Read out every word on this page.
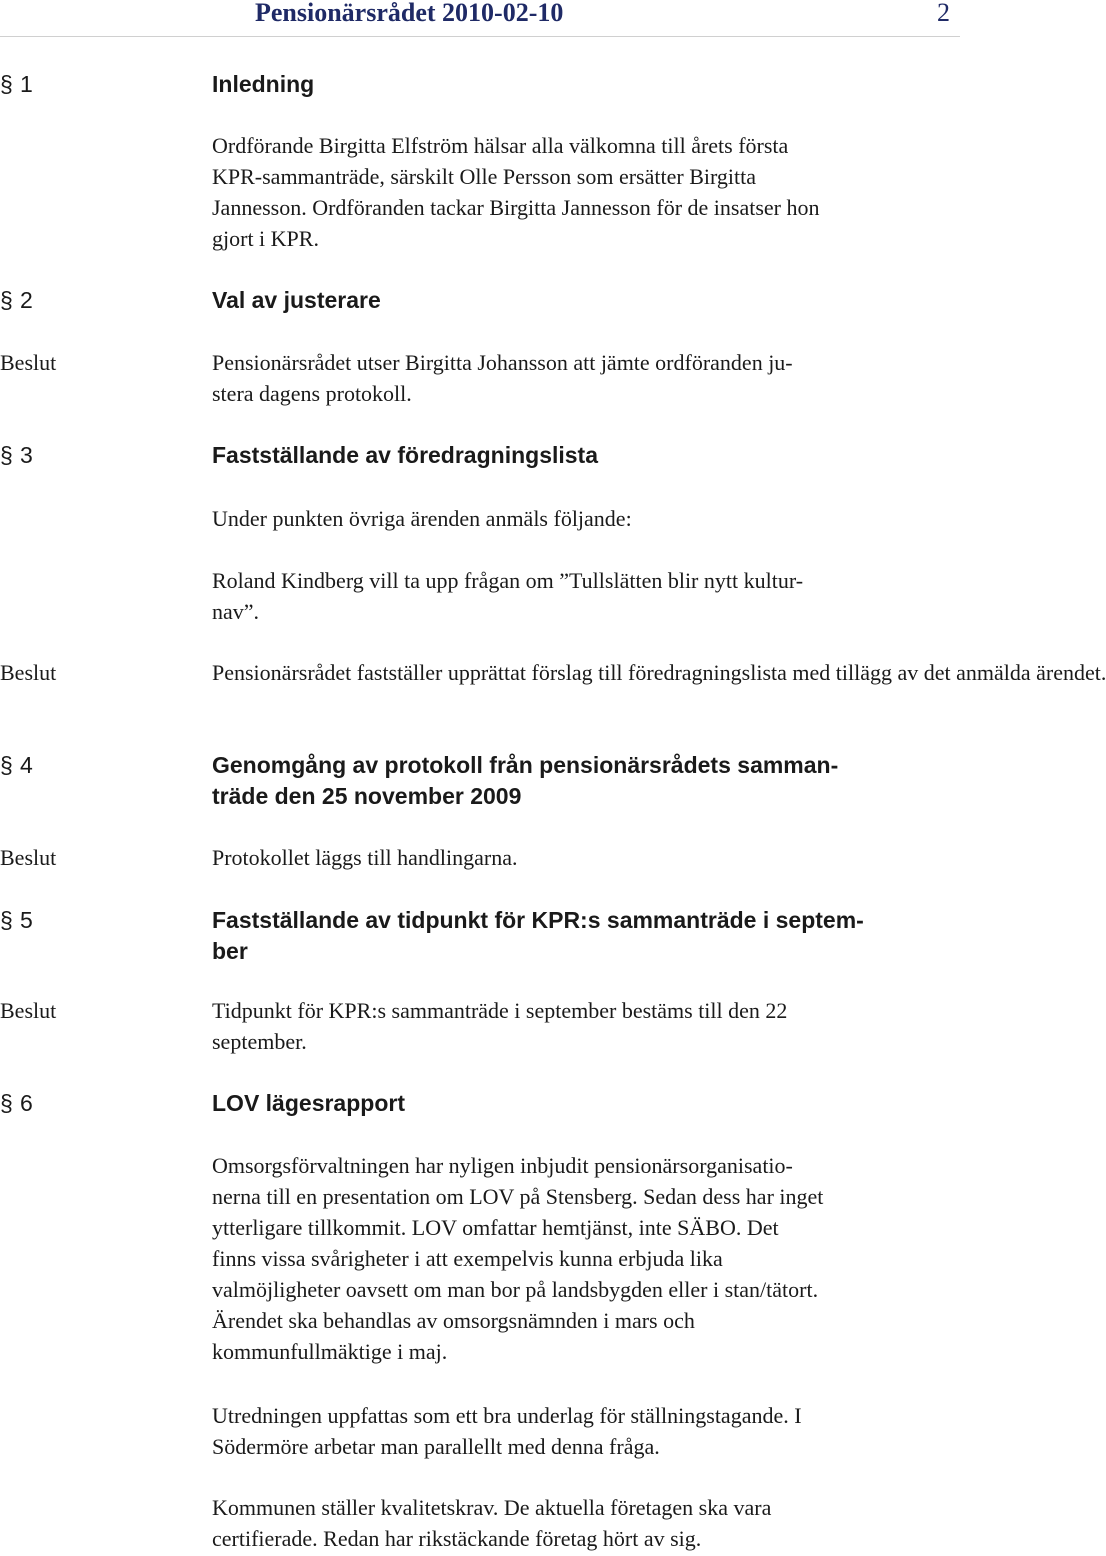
Pensionärsrådet 2010-02-10	2
§ 1	Inledning
Ordförande Birgitta Elfström hälsar alla välkomna till årets första
KPR-sammanträde, särskilt Olle Persson som ersätter Birgitta
Jannesson. Ordföranden tackar Birgitta Jannesson för de insatser hon
gjort i KPR.
§ 2	Val av justerare
Beslut	Pensionärsrådet utser Birgitta Johansson att jämte ordföranden ju-
stera dagens protokoll.
§ 3	Fastställande av föredragningslista
Under punkten övriga ärenden anmäls följande:
Roland Kindberg vill ta upp frågan om ”Tullslätten blir nytt kultur-
nav”.
Beslut	Pensionärsrådet fastställer upprättat förslag till föredragningslista med tillägg av det anmälda ärendet.
§ 4	Genomgång av protokoll från pensionärsrådets samman-
träde den 25 november 2009
Beslut	Protokollet läggs till handlingarna.
§ 5	Fastställande av tidpunkt för KPR:s sammanträde i septem-
ber
Beslut	Tidpunkt för KPR:s sammanträde i september bestäms till den 22
september.
§ 6	LOV lägesrapport
Omsorgsförvaltningen har nyligen inbjudit pensionärsorganisatio-
nerna till en presentation om LOV på Stensberg. Sedan dess har inget
ytterligare tillkommit. LOV omfattar hemtjänst, inte SÄBO. Det
finns vissa svårigheter i att exempelvis kunna erbjuda lika
valmöjligheter oavsett om man bor på landsbygden eller i stan/tätort.
Ärendet ska behandlas av omsorgsnämnden i mars och
kommunfullmäktige i maj.
Utredningen uppfattas som ett bra underlag för ställningstagande. I
Södermöre arbetar man parallellt med denna fråga.
Kommunen ställer kvalitetskrav. De aktuella företagen ska vara
certifierade. Redan har rikstäckande företag hört av sig.
